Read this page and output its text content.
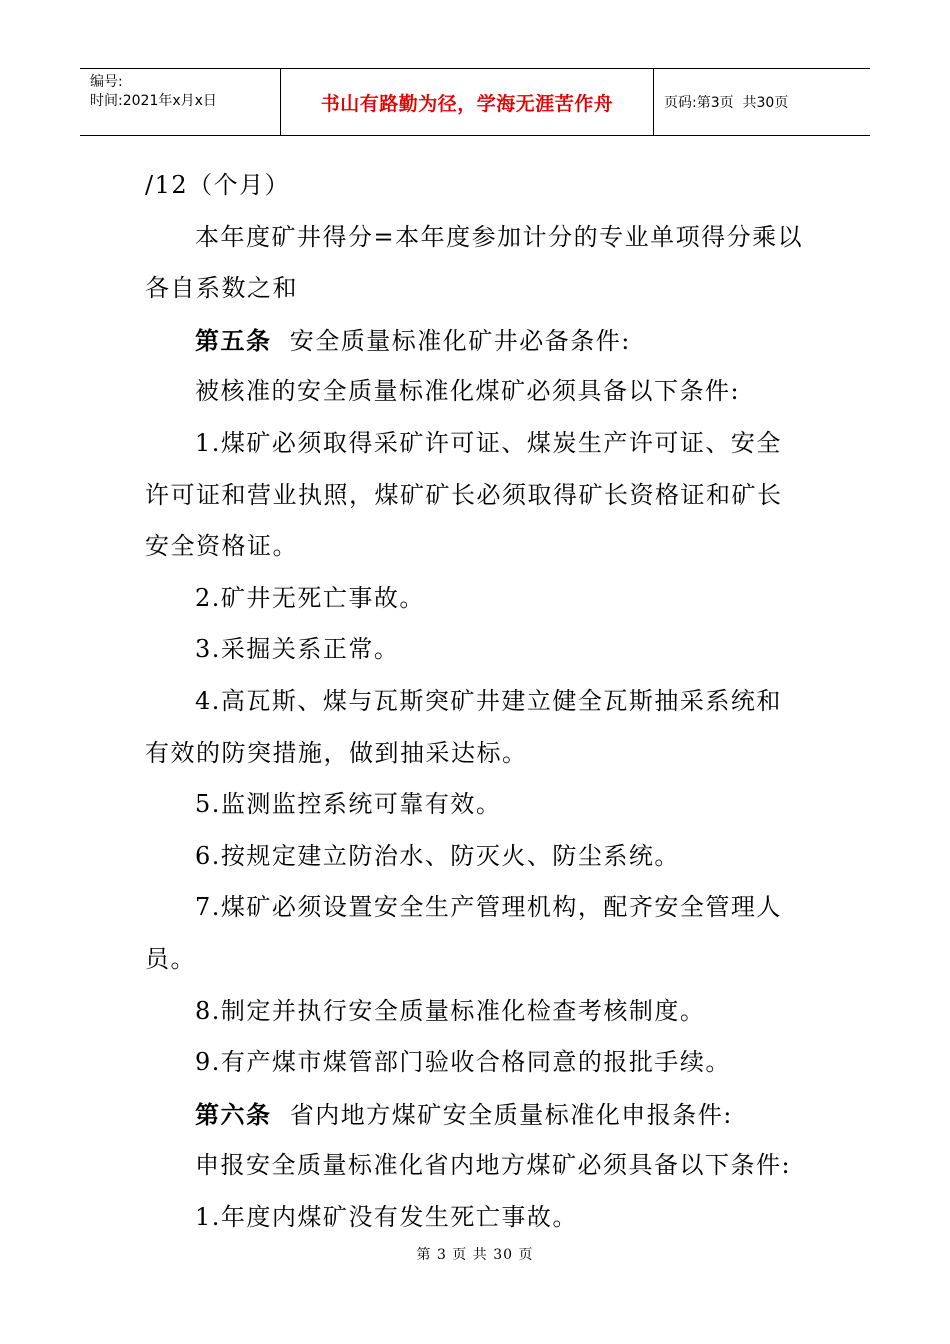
编号:
时间:2021年x月x日	书山有路勤为径，学海无涯苦作舟	页码:第3页  共30页
/12（个月）
本年度矿井得分=本年度参加计分的专业单项得分乘以
各自系数之和
第五条 安全质量标准化矿井必备条件:
被核准的安全质量标准化煤矿必须具备以下条件:
1.煤矿必须取得采矿许可证、煤炭生产许可证、安全
许可证和营业执照，煤矿矿长必须取得矿长资格证和矿长
安全资格证。
2.矿井无死亡事故。
3.采掘关系正常。
4.高瓦斯、煤与瓦斯突矿井建立健全瓦斯抽采系统和
有效的防突措施，做到抽采达标。
5.监测监控系统可靠有效。
6.按规定建立防治水、防灭火、防尘系统。
7.煤矿必须设置安全生产管理机构，配齐安全管理人
员。
8.制定并执行安全质量标准化检查考核制度。
9.有产煤市煤管部门验收合格同意的报批手续。
第六条 省内地方煤矿安全质量标准化申报条件:
申报安全质量标准化省内地方煤矿必须具备以下条件:
1.年度内煤矿没有发生死亡事故。
第 3 页 共 30 页
